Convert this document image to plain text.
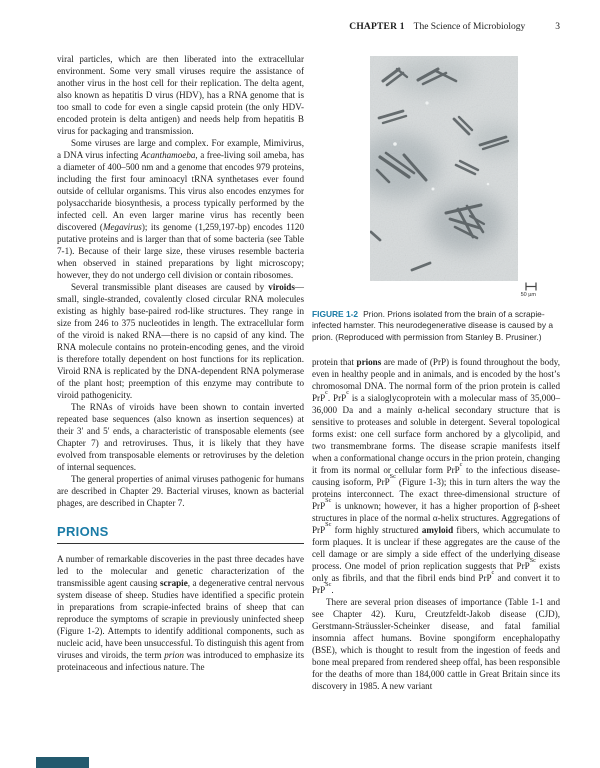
CHAPTER 1 The Science of Microbiology	3

viral particles, which are then liberated into the extracellular environment. Some very small viruses require the assistance of another virus in the host cell for their replication. The delta agent, also known as hepatitis D virus (HDV), has a RNA genome that is too small to code for even a single capsid protein (the only HDV-encoded protein is delta antigen) and needs help from hepatitis B virus for packaging and transmission.

Some viruses are large and complex. For example, Mimivirus, a DNA virus infecting Acanthamoeba, a free-living soil ameba, has a diameter of 400–500 nm and a genome that encodes 979 proteins, including the first four aminoacyl tRNA synthetases ever found outside of cellular organisms. This virus also encodes enzymes for polysaccharide biosynthesis, a process typically performed by the infected cell. An even larger marine virus has recently been discovered (Megavirus); its genome (1,259,197-bp) encodes 1120 putative proteins and is larger than that of some bacteria (see Table 7-1). Because of their large size, these viruses resemble bacteria when observed in stained preparations by light microscopy; however, they do not undergo cell division or contain ribosomes.

Several transmissible plant diseases are caused by viroids—small, single-stranded, covalently closed circular RNA molecules existing as highly base-paired rod-like structures. They range in size from 246 to 375 nucleotides in length. The extracellular form of the viroid is naked RNA—there is no capsid of any kind. The RNA molecule contains no protein-encoding genes, and the viroid is therefore totally dependent on host functions for its replication. Viroid RNA is replicated by the DNA-dependent RNA polymerase of the plant host; preemption of this enzyme may contribute to viroid pathogenicity.

The RNAs of viroids have been shown to contain inverted repeated base sequences (also known as insertion sequences) at their 3′ and 5′ ends, a characteristic of transposable elements (see Chapter 7) and retroviruses. Thus, it is likely that they have evolved from transposable elements or retroviruses by the deletion of internal sequences.

The general properties of animal viruses pathogenic for humans are described in Chapter 29. Bacterial viruses, known as bacterial phages, are described in Chapter 7.

PRIONS

A number of remarkable discoveries in the past three decades have led to the molecular and genetic characterization of the transmissible agent causing scrapie, a degenerative central nervous system disease of sheep. Studies have identified a specific protein in preparations from scrapie-infected brains of sheep that can reproduce the symptoms of scrapie in previously uninfected sheep (Figure 1-2). Attempts to identify additional components, such as nucleic acid, have been unsuccessful. To distinguish this agent from viruses and viroids, the term prion was introduced to emphasize its proteinaceous and infectious nature. The

50 µm
FIGURE 1-2 Prion. Prions isolated from the brain of a scrapie-infected hamster. This neurodegenerative disease is caused by a prion. (Reproduced with permission from Stanley B. Prusiner.)

protein that prions are made of (PrP) is found throughout the body, even in healthy people and in animals, and is encoded by the host’s chromosomal DNA. The normal form of the prion protein is called PrP$^c$. PrP$^c$ is a sialoglycoprotein with a molecular mass of 35,000–36,000 Da and a mainly α-helical secondary structure that is sensitive to proteases and soluble in detergent. Several topological forms exist: one cell surface form anchored by a glycolipid, and two transmembrane forms. The disease scrapie manifests itself when a conformational change occurs in the prion protein, changing it from its normal or cellular form PrP$^c$ to the infectious disease-causing isoform, PrP$^{Sc}$ (Figure 1-3); this in turn alters the way the proteins interconnect. The exact three-dimensional structure of PrP$^{Sc}$ is unknown; however, it has a higher proportion of β-sheet structures in place of the normal α-helix structures. Aggregations of PrP$^{Sc}$ form highly structured amyloid fibers, which accumulate to form plaques. It is unclear if these aggregates are the cause of the cell damage or are simply a side effect of the underlying disease process. One model of prion replication suggests that PrP$^{Sc}$ exists only as fibrils, and that the fibril ends bind PrP$^c$ and convert it to PrP$^{Sc}$.

There are several prion diseases of importance (Table 1-1 and see Chapter 42). Kuru, Creutzfeldt-Jakob disease (CJD), Gerstmann-Sträussler-Scheinker disease, and fatal familial insomnia affect humans. Bovine spongiform encephalopathy (BSE), which is thought to result from the ingestion of feeds and bone meal prepared from rendered sheep offal, has been responsible for the deaths of more than 184,000 cattle in Great Britain since its discovery in 1985. A new variant
